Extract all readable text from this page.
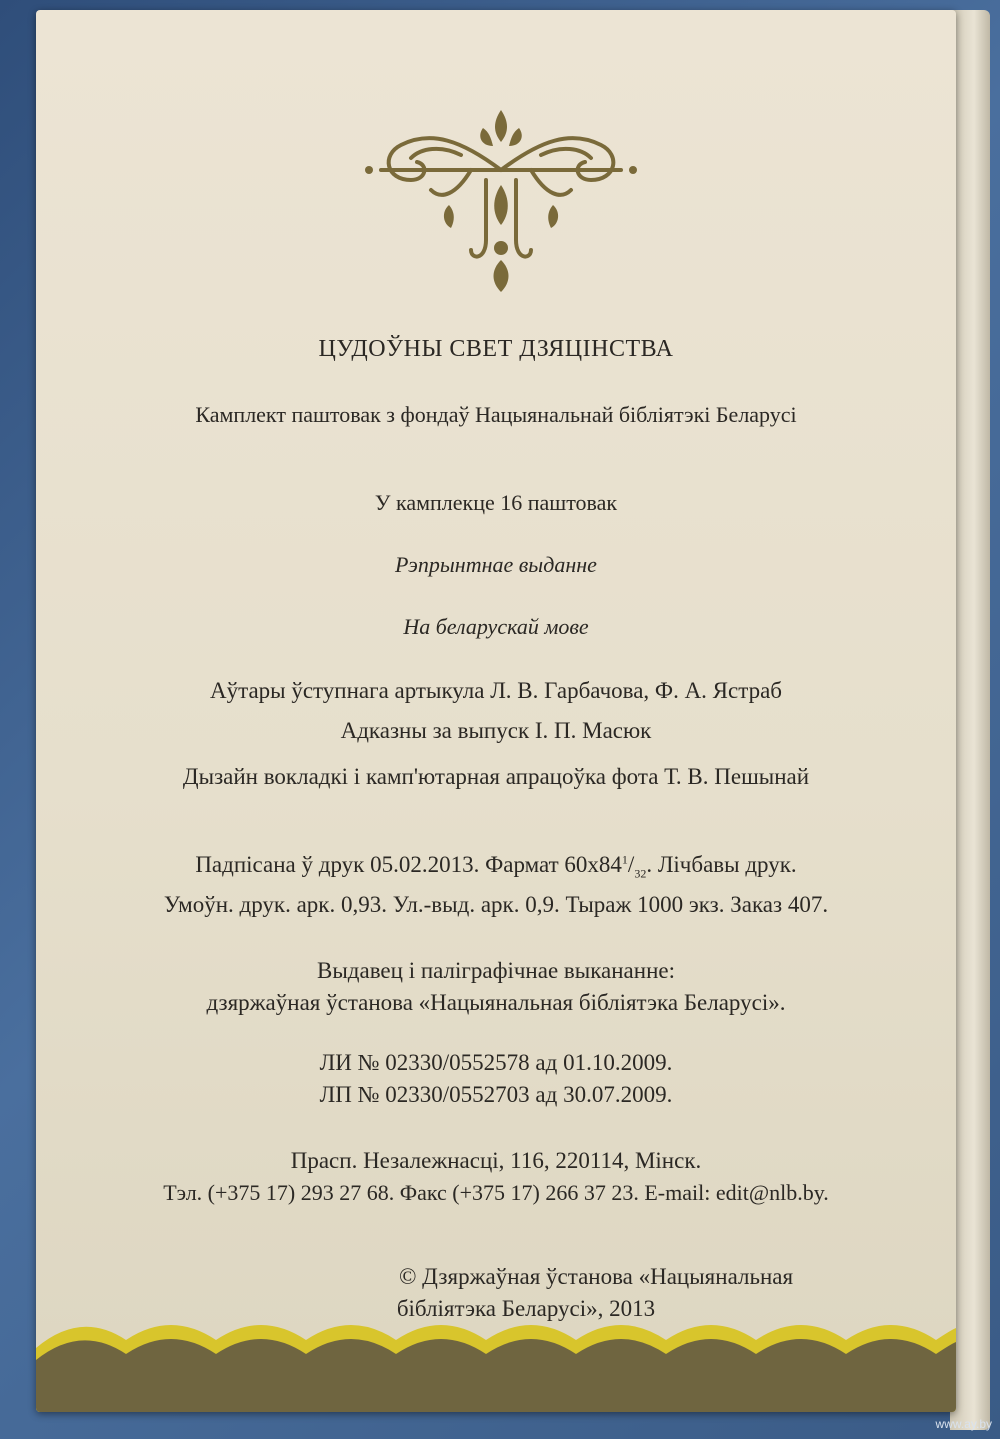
ЦУДОЎНЫ СВЕТ ДЗЯЦІНСТВА
Камплект паштовак з фондаў Нацыянальнай бібліятэкі Беларусі
У камплекце 16 паштовак
Рэпрынтнае выданне
На беларускай мове
Аўтары ўступнага артыкула Л. В. Гарбачова, Ф. А. Ястраб
Адказны за выпуск І. П. Масюк
Дызайн вокладкі і камп'ютарная апрацоўка фота Т. В. Пешынай
Падпісана ў друк 05.02.2013. Фармат $60х84^1/_{32}$. Лічбавы друк.
Умоўн. друк. арк. 0,93. Ул.-выд. арк. 0,9. Тыраж 1000 экз. Заказ 407.
Выдавец і паліграфічнае выкананне:
дзяржаўная ўстанова «Нацыянальная бібліятэка Беларусі».
ЛИ № 02330/0552578 ад 01.10.2009.
ЛП № 02330/0552703 ад 30.07.2009.
Прасп. Незалежнасці, 116, 220114, Мінск.
Тэл. (+375 17) 293 27 68. Факс (+375 17) 266 37 23. E-mail: edit@nlb.by.
© Дзяржаўная ўстанова «Нацыянальная
бібліятэка Беларусі», 2013
www.ay.by
